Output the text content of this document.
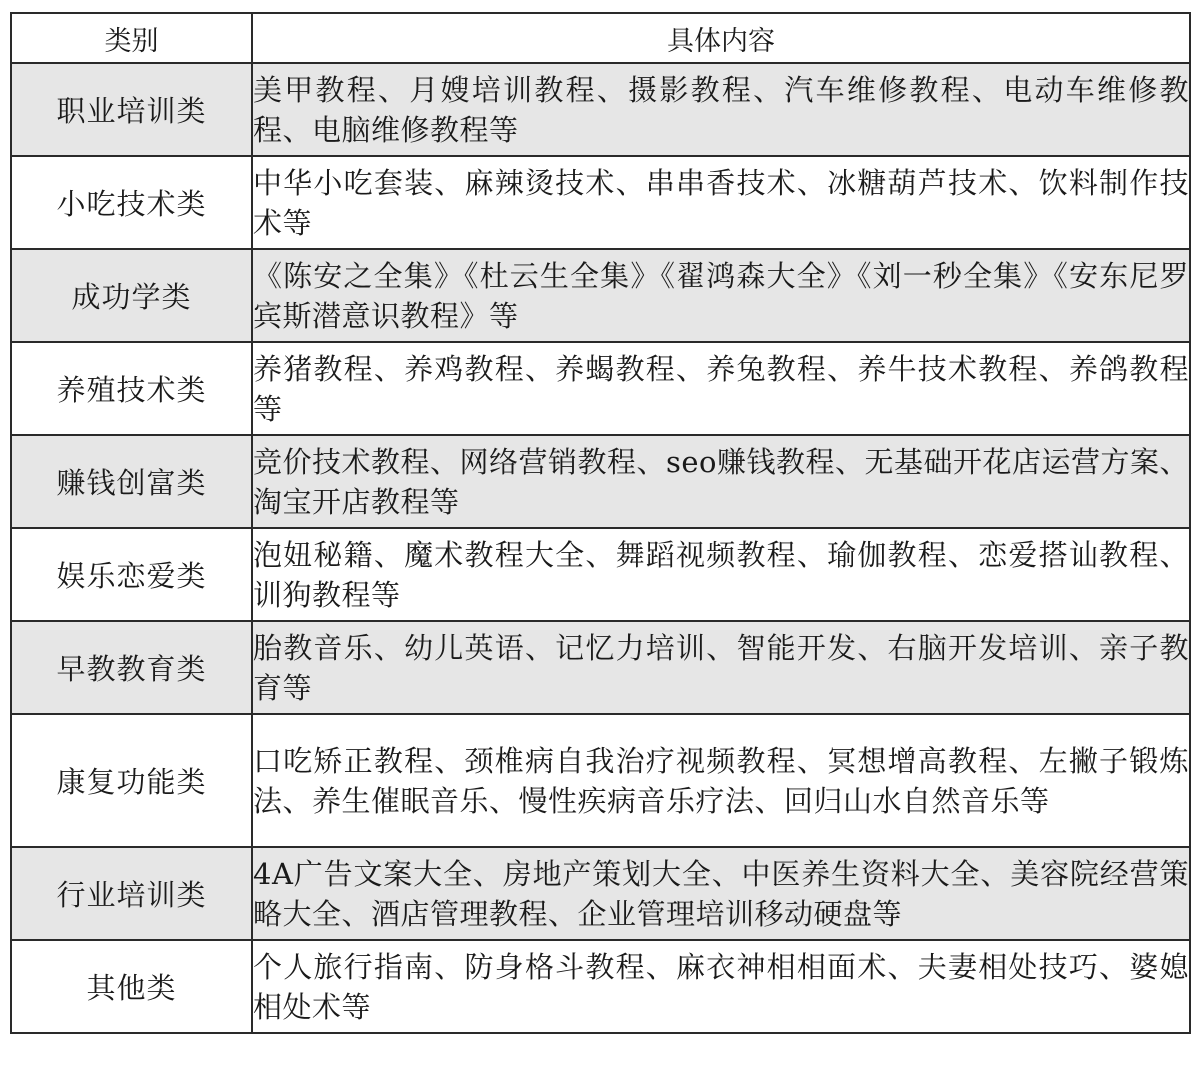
类别	具体内容
职业培训类	美甲教程、月嫂培训教程、摄影教程、汽车维修教程、电动车维修教程、电脑维修教程等
小吃技术类	中华小吃套装、麻辣烫技术、串串香技术、冰糖葫芦技术、饮料制作技术等
成功学类	《陈安之全集》《杜云生全集》《翟鸿森大全》《刘一秒全集》《安东尼罗宾斯潜意识教程》等
养殖技术类	养猪教程、养鸡教程、养蝎教程、养兔教程、养牛技术教程、养鸽教程等
赚钱创富类	竞价技术教程、网络营销教程、seo赚钱教程、无基础开花店运营方案、淘宝开店教程等
娱乐恋爱类	泡妞秘籍、魔术教程大全、舞蹈视频教程、瑜伽教程、恋爱搭讪教程、训狗教程等
早教教育类	胎教音乐、幼儿英语、记忆力培训、智能开发、右脑开发培训、亲子教育等
康复功能类	口吃矫正教程、颈椎病自我治疗视频教程、冥想增高教程、左撇子锻炼法、养生催眠音乐、慢性疾病音乐疗法、回归山水自然音乐等
行业培训类	4A广告文案大全、房地产策划大全、中医养生资料大全、美容院经营策略大全、酒店管理教程、企业管理培训移动硬盘等
其他类	个人旅行指南、防身格斗教程、麻衣神相相面术、夫妻相处技巧、婆媳相处术等
